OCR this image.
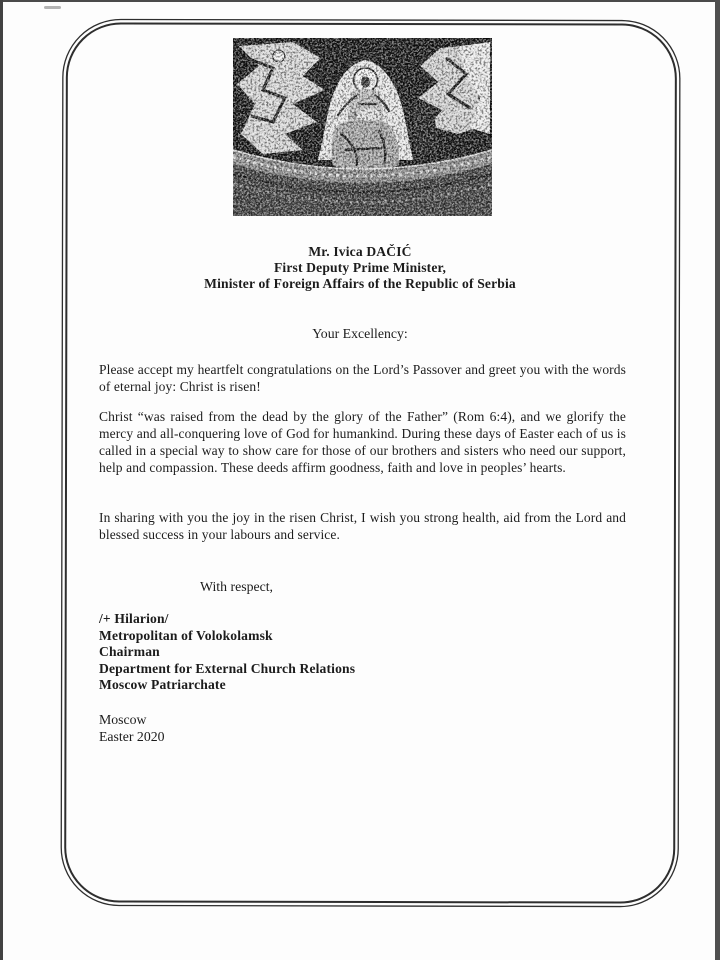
Mr. Ivica DAČIĆ
First Deputy Prime Minister,
Minister of Foreign Affairs of the Republic of Serbia
Your Excellency:

Please accept my heartfelt congratulations on the Lord’s Passover and greet you with the words of eternal joy: Christ is risen!

Christ “was raised from the dead by the glory of the Father” (Rom 6:4), and we glorify the mercy and all-conquering love of God for humankind. During these days of Easter each of us is called in a special way to show care for those of our brothers and sisters who need our support, help and compassion. These deeds affirm goodness, faith and love in peoples’ hearts.

In sharing with you the joy in the risen Christ, I wish you strong health, aid from the Lord and blessed success in your labours and service.

With respect,
/+ Hilarion/
Metropolitan of Volokolamsk
Chairman
Department for External Church Relations
Moscow Patriarchate
Moscow
Easter 2020
